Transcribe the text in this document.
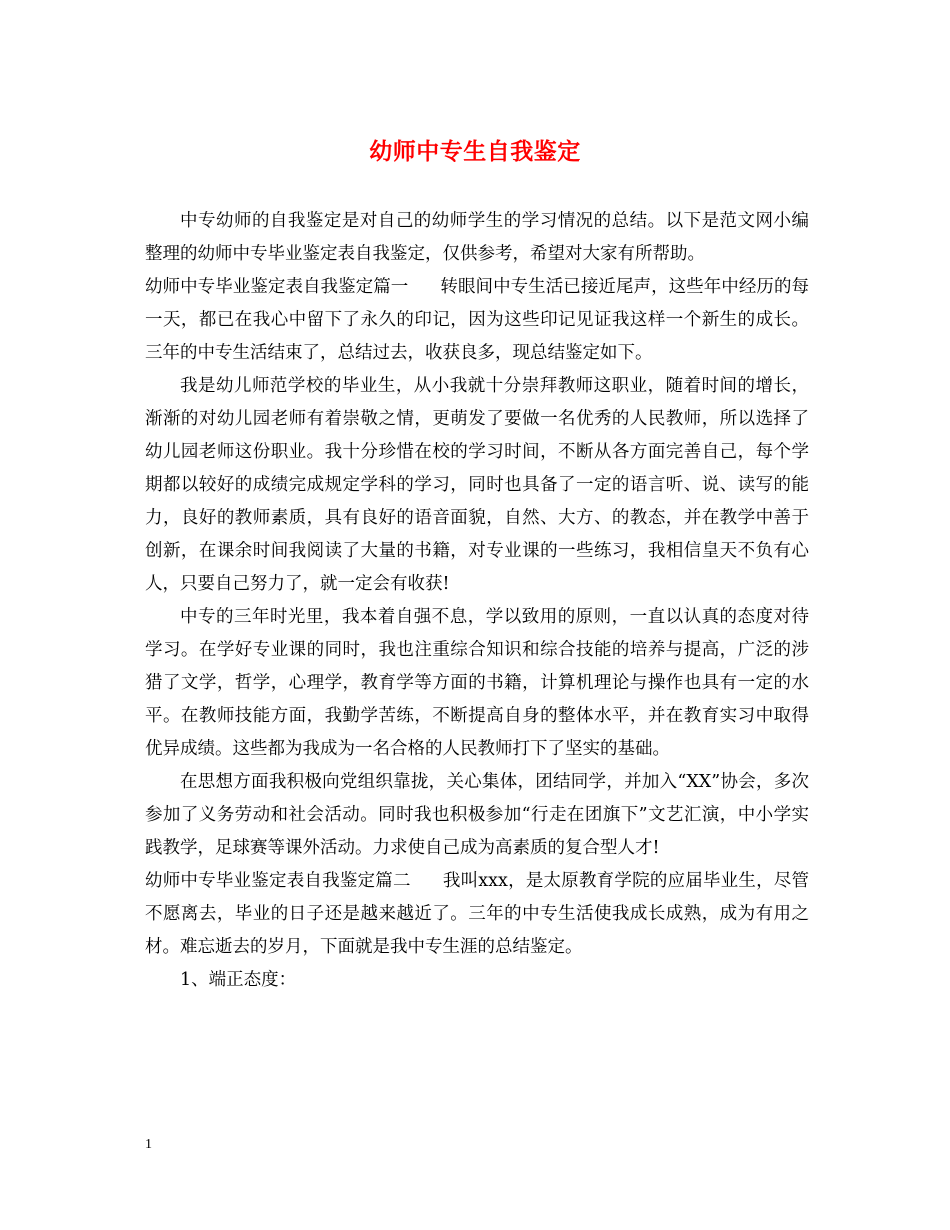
幼师中专生自我鉴定

中专幼师的自我鉴定是对自己的幼师学生的学习情况的总结。以下是范文网小编整理的幼师中专毕业鉴定表自我鉴定，仅供参考，希望对大家有所帮助。

幼师中专毕业鉴定表自我鉴定篇一 转眼间中专生活已接近尾声，这些年中经历的每一天，都已在我心中留下了永久的印记，因为这些印记见证我这样一个新生的成长。三年的中专生活结束了，总结过去，收获良多，现总结鉴定如下。

我是幼儿师范学校的毕业生，从小我就十分崇拜教师这职业，随着时间的增长，渐渐的对幼儿园老师有着崇敬之情，更萌发了要做一名优秀的人民教师，所以选择了幼儿园老师这份职业。我十分珍惜在校的学习时间，不断从各方面完善自己，每个学期都以较好的成绩完成规定学科的学习，同时也具备了一定的语言听、说、读写的能力，良好的教师素质，具有良好的语音面貌，自然、大方、的教态，并在教学中善于创新，在课余时间我阅读了大量的书籍，对专业课的一些练习，我相信皇天不负有心人，只要自己努力了，就一定会有收获!

中专的三年时光里，我本着自强不息，学以致用的原则，一直以认真的态度对待学习。在学好专业课的同时，我也注重综合知识和综合技能的培养与提高，广泛的涉猎了文学，哲学，心理学，教育学等方面的书籍，计算机理论与操作也具有一定的水平。在教师技能方面，我勤学苦练，不断提高自身的整体水平，并在教育实习中取得优异成绩。这些都为我成为一名合格的人民教师打下了坚实的基础。

在思想方面我积极向党组织靠拢，关心集体，团结同学，并加入“XX”协会，多次参加了义务劳动和社会活动。同时我也积极参加“行走在团旗下”文艺汇演，中小学实践教学，足球赛等课外活动。力求使自己成为高素质的复合型人才!

幼师中专毕业鉴定表自我鉴定篇二 我叫xxx，是太原教育学院的应届毕业生，尽管不愿离去，毕业的日子还是越来越近了。三年的中专生活使我成长成熟，成为有用之材。难忘逝去的岁月，下面就是我中专生涯的总结鉴定。

1、端正态度：

1
